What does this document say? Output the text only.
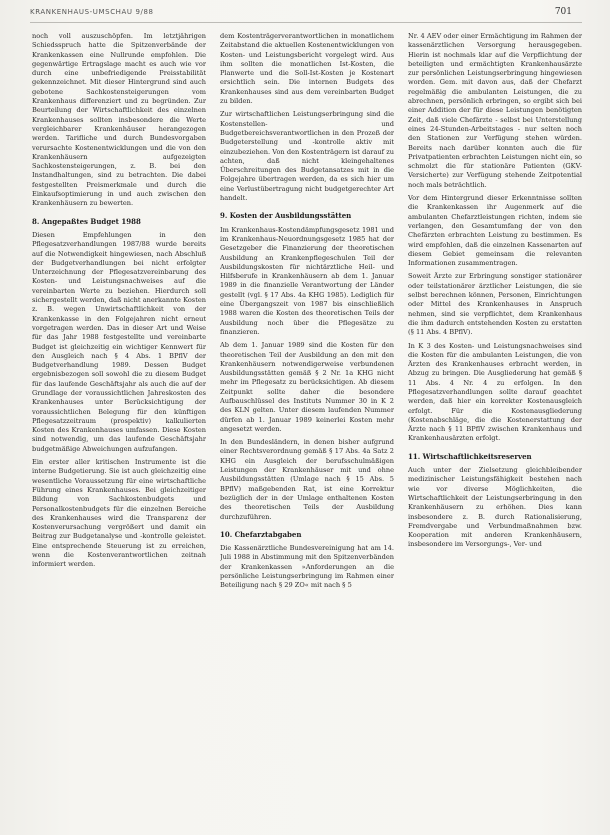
KRANKENHAUS-UMSCHAU 9/88	701

noch voll auszuschöpfen. Im letztjährigen Schiedsspruch hatte die Spitzenverbände der Krankenkassen eine Nullrunde empfohlen. Die gegenwärtige Ertragslage macht es auch wie vor durch eine unbefriedigende Preisstabilität gekennzeichnet. Mit dieser Hintergrund sind auch gebotene Sachkostensteigerungen vom Krankenhaus differenziert und zu begründen. Zur Beurteilung der Wirtschaftlichkeit des einzelnen Krankenhauses sollten insbesondere die Werte vergleichbarer Krankenhäuser herangezogen werden. Tarifliche und durch Bundesvorgaben verursachte Kostenentwicklungen und die von den Krankenhäusern aufgezeigten Sachkostensteigerungen, z. B. bei den Instandhaltungen, sind zu betrachten. Die dabei festgestellten Preismerkmale und durch die Einkaufsoptimierung in und auch zwischen den Krankenhäusern zu bewerten.

8. Angepaßtes Budget 1988

Diesen Empfehlungen in den Pflegesatzverhandlungen 1987/88 wurde bereits auf die Notwendigkeit hingewiesen, nach Abschluß der Budgetverhandlungen bei nicht erfolgter Unterzeichnung der Pflegesatzvereinbarung des Kosten- und Leistungsnachweises auf die vereinbarten Werte zu beziehen. Hierdurch soll sichergestellt werden, daß nicht anerkannte Kosten z. B. wegen Unwirtschaftlichkeit von der Krankenkasse in den Folgejahren nicht erneut vorgetragen werden. Das in dieser Art und Weise für das Jahr 1988 festgestellte und vereinbarte Budget ist gleichzeitig ein wichtiger Kennwert für den Ausgleich nach § 4 Abs. 1 BPflV der Budgetverhandlung 1989. Dessen Budget ergebnisbezogen soll sowohl die zu diesem Budget für das laufende Geschäftsjahr als auch die auf der Grundlage der voraussichtlichen Jahreskosten des Krankenhauses unter Berücksichtigung der voraussichtlichen Belegung für den künftigen Pflegesatzzeitraum (prospektiv) kalkulierten Kosten des Krankenhauses umfassen. Diese Kosten sind notwendig, um das laufende Geschäftsjahr budgetmäßige Abweichungen aufzufangen.

Ein erster aller kritischen Instrumente ist die interne Budgetierung. Sie ist auch gleichzeitig eine wesentliche Voraussetzung für eine wirtschaftliche Führung eines Krankenhauses. Bei gleichzeitiger Bildung von Sachkostenbudgets und Personalkostenbudgets für die einzelnen Bereiche des Krankenhauses wird die Transparenz der Kostenverursachung vergrößert und damit ein Beitrag zur Budgetanalyse und -kontrolle geleistet. Eine entsprechende Steuerung ist zu erreichen, wenn die Kostenverantwortlichen zeitnah informiert werden.

dem Kostenträgerverantwortlichen in monatlichem Zeitabstand die aktuellen Kostenentwicklungen von Kosten- und Leistungsbericht vorgelegt wird. Aus ihm sollten die monatlichen Ist-Kosten, die Planwerte und die Soll-Ist-Kosten je Kostenart ersichtlich sein. Die internen Budgets des Krankenhauses sind aus dem vereinbarten Budget zu bilden.

Zur wirtschaftlichen Leistungserbringung sind die Kostenstellen- und Budgetbereichsverantwortlichen in den Prozeß der Budgeterstellung und -kontrolle aktiv mit einzubeziehen. Von den Kostenträgern ist darauf zu achten, daß nicht kleingehaltenes Überschreitungen des Budgetansatzes mit in die Folgejahre übertragen werden, da es sich hier um eine Verlustübertragung nicht budgetgerechter Art handelt.

9. Kosten der Ausbildungsstätten

Im Krankenhaus-Kostendämpfungsgesetz 1981 und im Krankenhaus-Neuordnungsgesetz 1985 hat der Gesetzgeber die Finanzierung der theoretischen Ausbildung an Krankenpflegeschulen Teil der Ausbildungskosten für nichtärztliche Heil- und Hilfsberufe in Krankenhäusern ab dem 1. Januar 1989 in die finanzielle Verantwortung der Länder gestellt (vgl. § 17 Abs. 4a KHG 1985). Lediglich für eine Übergangszeit von 1987 bis einschließlich 1988 waren die Kosten des theoretischen Teils der Ausbildung noch über die Pflegesätze zu finanzieren.

Ab dem 1. Januar 1989 sind die Kosten für den theoretischen Teil der Ausbildung an den mit den Krankenhäusern notwendigerweise verbundenen Ausbildungsstätten gemäß § 2 Nr. 1a KHG nicht mehr im Pflegesatz zu berücksichtigen. Ab diesem Zeitpunkt sollte daher die besondere Aufbauschlüssel des Instituts Nummer 30 in K 2 des KLN gelten. Unter diesem laufenden Nummer dürfen ab 1. Januar 1989 keinerlei Kosten mehr angesetzt werden.

In den Bundesländern, in denen bisher aufgrund einer Rechtsverordnung gemäß § 17 Abs. 4a Satz 2 KHG ein Ausgleich der berufsschulmäßigen Leistungen der Krankenhäuser mit und ohne Ausbildungsstätten (Umlage nach § 15 Abs. 5 BPflV) maßgebenden Rat, ist eine Korrektur bezüglich der in der Umlage enthaltenen Kosten des theoretischen Teils der Ausbildung durchzuführen.

10. Chefarztabgaben

Die Kassenärztliche Bundesvereinigung hat am 14. Juli 1988 in Abstimmung mit den Spitzenverbänden der Krankenkassen »Anforderungen an die persönliche Leistungserbringung im Rahmen einer Beteiligung nach § 29 ZO« mit nach § 5

Nr. 4 AEV oder einer Ermächtigung im Rahmen der kassenärztlichen Versorgung herausgegeben. Hierin ist nochmals klar auf die Verpflichtung der beteiligten und ermächtigten Krankenhausärzte zur persönlichen Leistungserbringung hingewiesen worden. Gem. mit davon aus, daß der Chefarzt regelmäßig die ambulanten Leistungen, die zu abrechnen, persönlich erbringen, so ergibt sich bei einer Addition der für diese Leistungen benötigten Zeit, daß viele Chefärzte - selbst bei Unterstellung eines 24-Stunden-Arbeitstages - nur selten noch den Stationen zur Verfügung stehen würden. Bereits nach darüber konnten auch die für Privatpatienten erbrachten Leistungen nicht ein, so schmolzt die für stationäre Patienten (GKV-Versicherte) zur Verfügung stehende Zeitpotential noch mals beträchtlich.

Vor dem Hintergrund dieser Erkenntnisse sollten die Krankenkassen ihr Augenmerk auf die ambulanten Chefarztleistungen richten, indem sie verlangen, den Gesamtumfang der von den Chefärzten erbrachten Leistung zu bestimmen. Es wird empfohlen, daß die einzelnen Kassenarten auf diesem Gebiet gemeinsam die relevanten Informationen zusammentragen.

Soweit Ärzte zur Erbringung sonstiger stationärer oder teilstationärer ärztlicher Leistungen, die sie selbst berechnen können, Personen, Einrichtungen oder Mittel des Krankenhauses in Anspruch nehmen, sind sie verpflichtet, dem Krankenhaus die ihm dadurch entstehenden Kosten zu erstatten (§ 11 Abs. 4 BPflV).

In K 3 des Kosten- und Leistungsnachweises sind die Kosten für die ambulanten Leistungen, die von Ärzten des Krankenhauses erbracht werden, in Abzug zu bringen. Die Ausgliederung hat gemäß § 11 Abs. 4 Nr. 4 zu erfolgen. In den Pflegesatzverhandlungen sollte darauf geachtet werden, daß hier ein korrekter Kostenausgleich erfolgt. Für die Kostenausgliederung (Kostenabschläge, die die Kostenerstattung der Ärzte nach § 11 BPflV zwischen Krankenhaus und Krankenhausärzten erfolgt.

11. Wirtschaftlichkeitsreserven

Auch unter der Zielsetzung gleichbleibender medizinischer Leistungsfähigkeit bestehen nach wie vor diverse Möglichkeiten, die Wirtschaftlichkeit der Leistungserbringung in den Krankenhäusern zu erhöhen. Dies kann insbesondere z. B. durch Rationalisierung, Fremdvergabe und Verbundmaßnahmen bzw. Kooperation mit anderen Krankenhäusern, insbesondere im Versorgungs-, Ver- und
